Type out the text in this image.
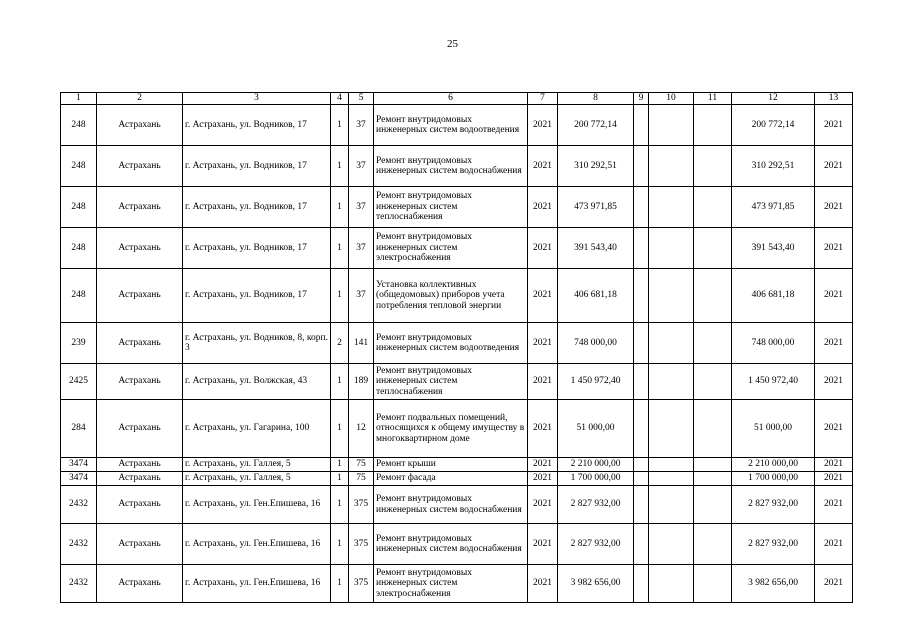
25
1	2	3	4	5	6	7	8	9	10	11	12	13
248	Астрахань	г. Астрахань, ул. Водников, 17	1	37	Ремонт внутридомовых инженерных систем водоотведения	2021	200 772,14				200 772,14	2021
248	Астрахань	г. Астрахань, ул. Водников, 17	1	37	Ремонт внутридомовых инженерных систем водоснабжения	2021	310 292,51				310 292,51	2021
248	Астрахань	г. Астрахань, ул. Водников, 17	1	37	Ремонт внутридомовых инженерных систем теплоснабжения	2021	473 971,85				473 971,85	2021
248	Астрахань	г. Астрахань, ул. Водников, 17	1	37	Ремонт внутридомовых инженерных систем электроснабжения	2021	391 543,40				391 543,40	2021
248	Астрахань	г. Астрахань, ул. Водников, 17	1	37	Установка коллективных (общедомовых) приборов учета потребления тепловой энергии	2021	406 681,18				406 681,18	2021
239	Астрахань	г. Астрахань, ул. Водников, 8, корп. 3	2	141	Ремонт внутридомовых инженерных систем водоотведения	2021	748 000,00				748 000,00	2021
2425	Астрахань	г. Астрахань, ул. Волжская, 43	1	189	Ремонт внутридомовых инженерных систем теплоснабжения	2021	1 450 972,40				1 450 972,40	2021
284	Астрахань	г. Астрахань, ул. Гагарина, 100	1	12	Ремонт подвальных помещений, относящихся к общему имуществу в многоквартирном доме	2021	51 000,00				51 000,00	2021
3474	Астрахань	г. Астрахань, ул. Галлея, 5	1	75	Ремонт крыши	2021	2 210 000,00				2 210 000,00	2021
3474	Астрахань	г. Астрахань, ул. Галлея, 5	1	75	Ремонт фасада	2021	1 700 000,00				1 700 000,00	2021
2432	Астрахань	г. Астрахань, ул. Ген.Епишева, 16	1	375	Ремонт внутридомовых инженерных систем водоснабжения	2021	2 827 932,00				2 827 932,00	2021
2432	Астрахань	г. Астрахань, ул. Ген.Епишева, 16	1	375	Ремонт внутридомовых инженерных систем водоснабжения	2021	2 827 932,00				2 827 932,00	2021
2432	Астрахань	г. Астрахань, ул. Ген.Епишева, 16	1	375	Ремонт внутридомовых инженерных систем электроснабжения	2021	3 982 656,00				3 982 656,00	2021
